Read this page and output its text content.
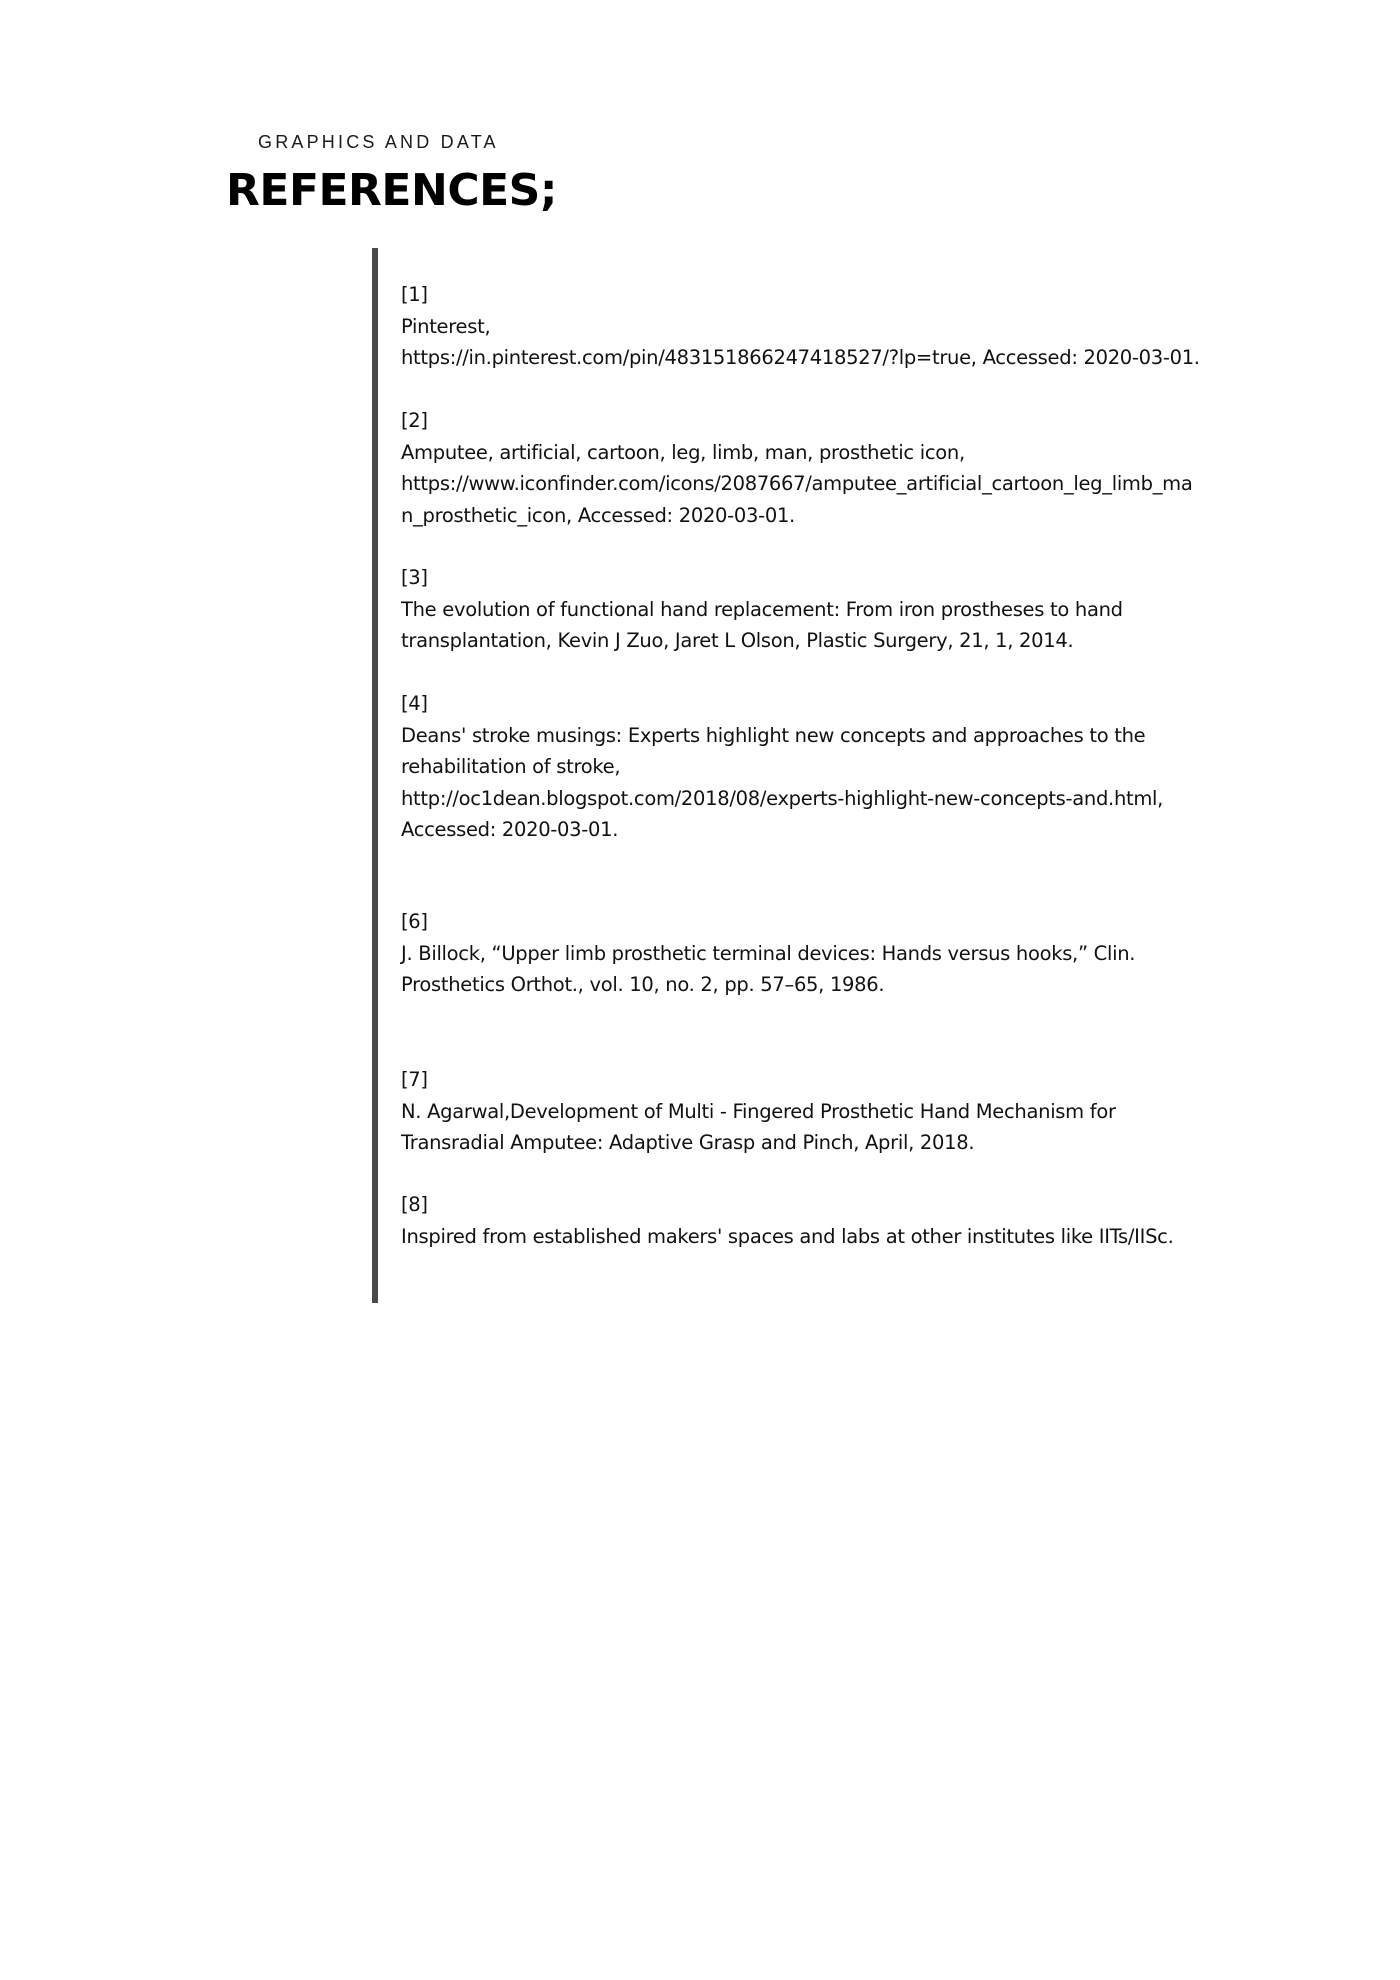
GRAPHICS AND DATA
REFERENCES;
[1]
Pinterest,
https://in.pinterest.com/pin/483151866247418527/?lp=true, Accessed: 2020-03-01.
[2]
Amputee, artificial, cartoon, leg, limb, man, prosthetic icon,
https://www.iconfinder.com/icons/2087667/amputee_artificial_cartoon_leg_limb_ma
n_prosthetic_icon, Accessed: 2020-03-01.
[3]
The evolution of functional hand replacement: From iron prostheses to hand
transplantation, Kevin J Zuo, Jaret L Olson, Plastic Surgery, 21, 1, 2014.
[4]
Deans' stroke musings: Experts highlight new concepts and approaches to the
rehabilitation of stroke,
http://oc1dean.blogspot.com/2018/08/experts-highlight-new-concepts-and.html,
Accessed: 2020-03-01.
[6]
J. Billock, “Upper limb prosthetic terminal devices: Hands versus hooks,” Clin.
Prosthetics Orthot., vol. 10, no. 2, pp. 57–65, 1986.
[7]
N. Agarwal,Development of Multi - Fingered Prosthetic Hand Mechanism for
Transradial Amputee: Adaptive Grasp and Pinch, April, 2018.
[8]
Inspired from established makers' spaces and labs at other institutes like IITs/IISc.
